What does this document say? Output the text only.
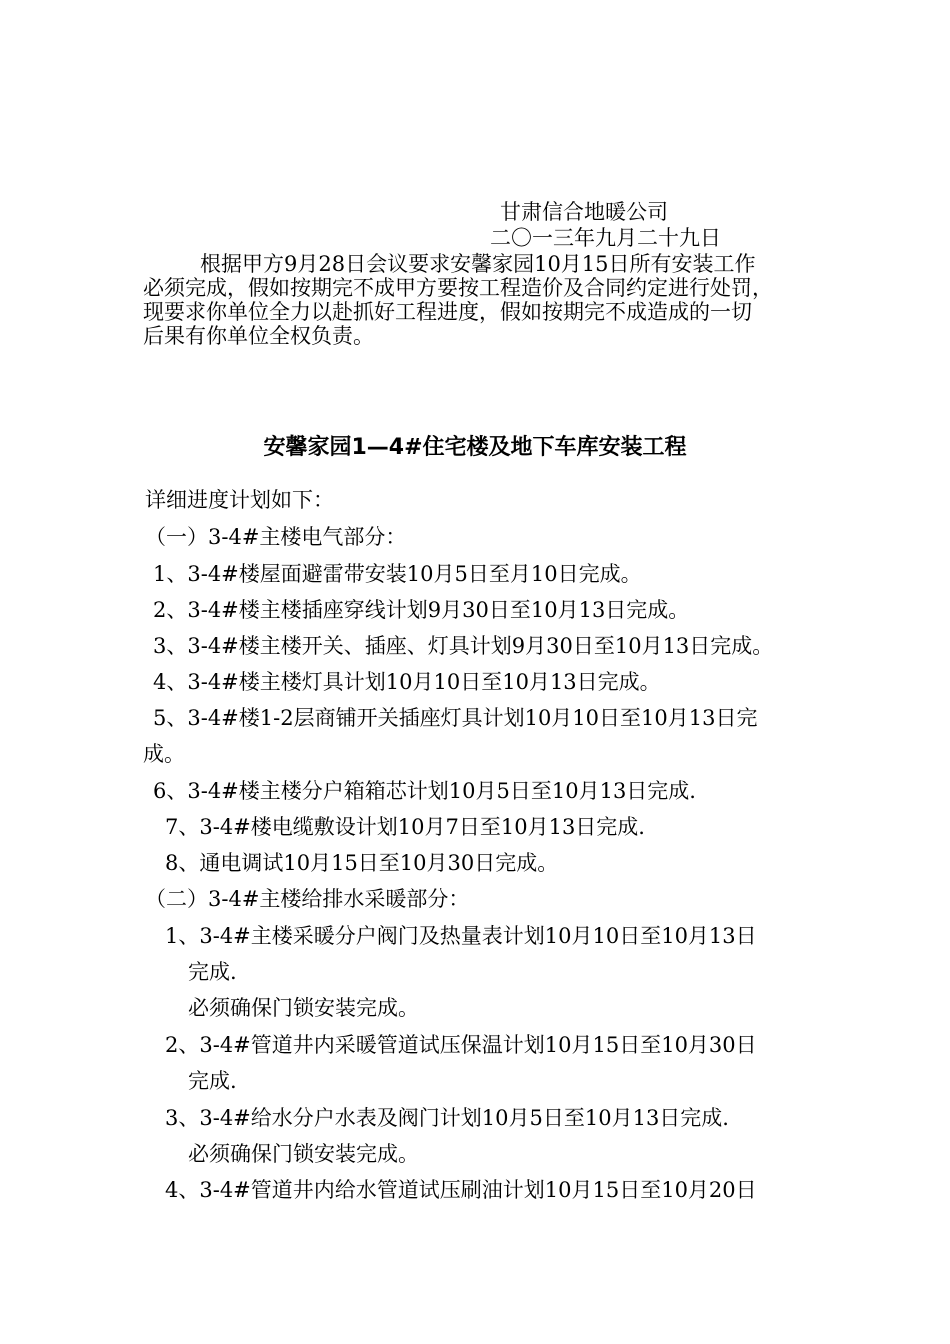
甘肃信合地暖公司
二〇一三年九月二十九日
根据甲方9月28日会议要求安馨家园10月15日所有安装工作
必须完成，假如按期完不成甲方要按工程造价及合同约定进行处罚，
现要求你单位全力以赴抓好工程进度，假如按期完不成造成的一切
后果有你单位全权负责。
安馨家园1—4#住宅楼及地下车库安装工程
详细进度计划如下：
（一）3-4#主楼电气部分：
1、3-4#楼屋面避雷带安装10月5日至月10日完成。
2、3-4#楼主楼插座穿线计划9月30日至10月13日完成。
3、3-4#楼主楼开关、插座、灯具计划9月30日至10月13日完成。
4、3-4#楼主楼灯具计划10月10日至10月13日完成。
5、3-4#楼1-2层商铺开关插座灯具计划10月10日至10月13日完
成。
6、3-4#楼主楼分户箱箱芯计划10月5日至10月13日完成.
7、3-4#楼电缆敷设计划10月7日至10月13日完成.
8、通电调试10月15日至10月30日完成。
（二）3-4#主楼给排水采暖部分：
1、3-4#主楼采暖分户阀门及热量表计划10月10日至10月13日
完成.
必须确保门锁安装完成。
2、3-4#管道井内采暖管道试压保温计划10月15日至10月30日
完成.
3、3-4#给水分户水表及阀门计划10月5日至10月13日完成.
必须确保门锁安装完成。
4、3-4#管道井内给水管道试压刷油计划10月15日至10月20日
